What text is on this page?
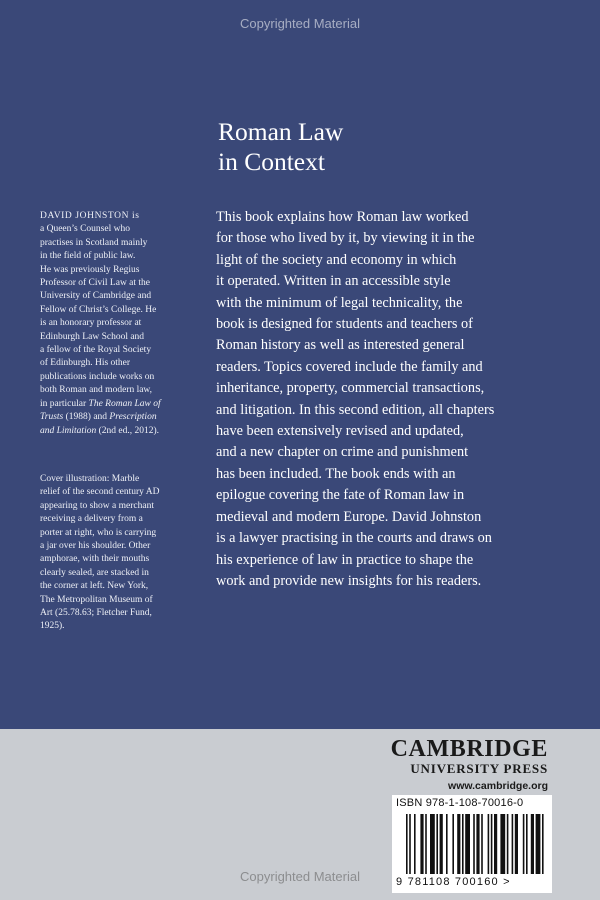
Copyrighted Material
Roman Law
in Context
DAVID JOHNSTON is
a Queen’s Counsel who
practises in Scotland mainly
in the field of public law.
He was previously Regius
Professor of Civil Law at the
University of Cambridge and
Fellow of Christ’s College. He
is an honorary professor at
Edinburgh Law School and
a fellow of the Royal Society
of Edinburgh. His other
publications include works on
both Roman and modern law,
in particular The Roman Law of
Trusts (1988) and Prescription
and Limitation (2nd ed., 2012).
Cover illustration: Marble
relief of the second century AD
appearing to show a merchant
receiving a delivery from a
porter at right, who is carrying
a jar over his shoulder. Other
amphorae, with their mouths
clearly sealed, are stacked in
the corner at left. New York,
The Metropolitan Museum of
Art (25.78.63; Fletcher Fund,
1925).
This book explains how Roman law worked
for those who lived by it, by viewing it in the
light of the society and economy in which
it operated. Written in an accessible style
with the minimum of legal technicality, the
book is designed for students and teachers of
Roman history as well as interested general
readers. Topics covered include the family and
inheritance, property, commercial transactions,
and litigation. In this second edition, all chapters
have been extensively revised and updated,
and a new chapter on crime and punishment
has been included. The book ends with an
epilogue covering the fate of Roman law in
medieval and modern Europe. David Johnston
is a lawyer practising in the courts and draws on
his experience of law in practice to shape the
work and provide new insights for his readers.
CAMBRIDGE
UNIVERSITY PRESS
www.cambridge.org
ISBN 978-1-108-70016-0
9 781108 700160 >
Copyrighted Material
